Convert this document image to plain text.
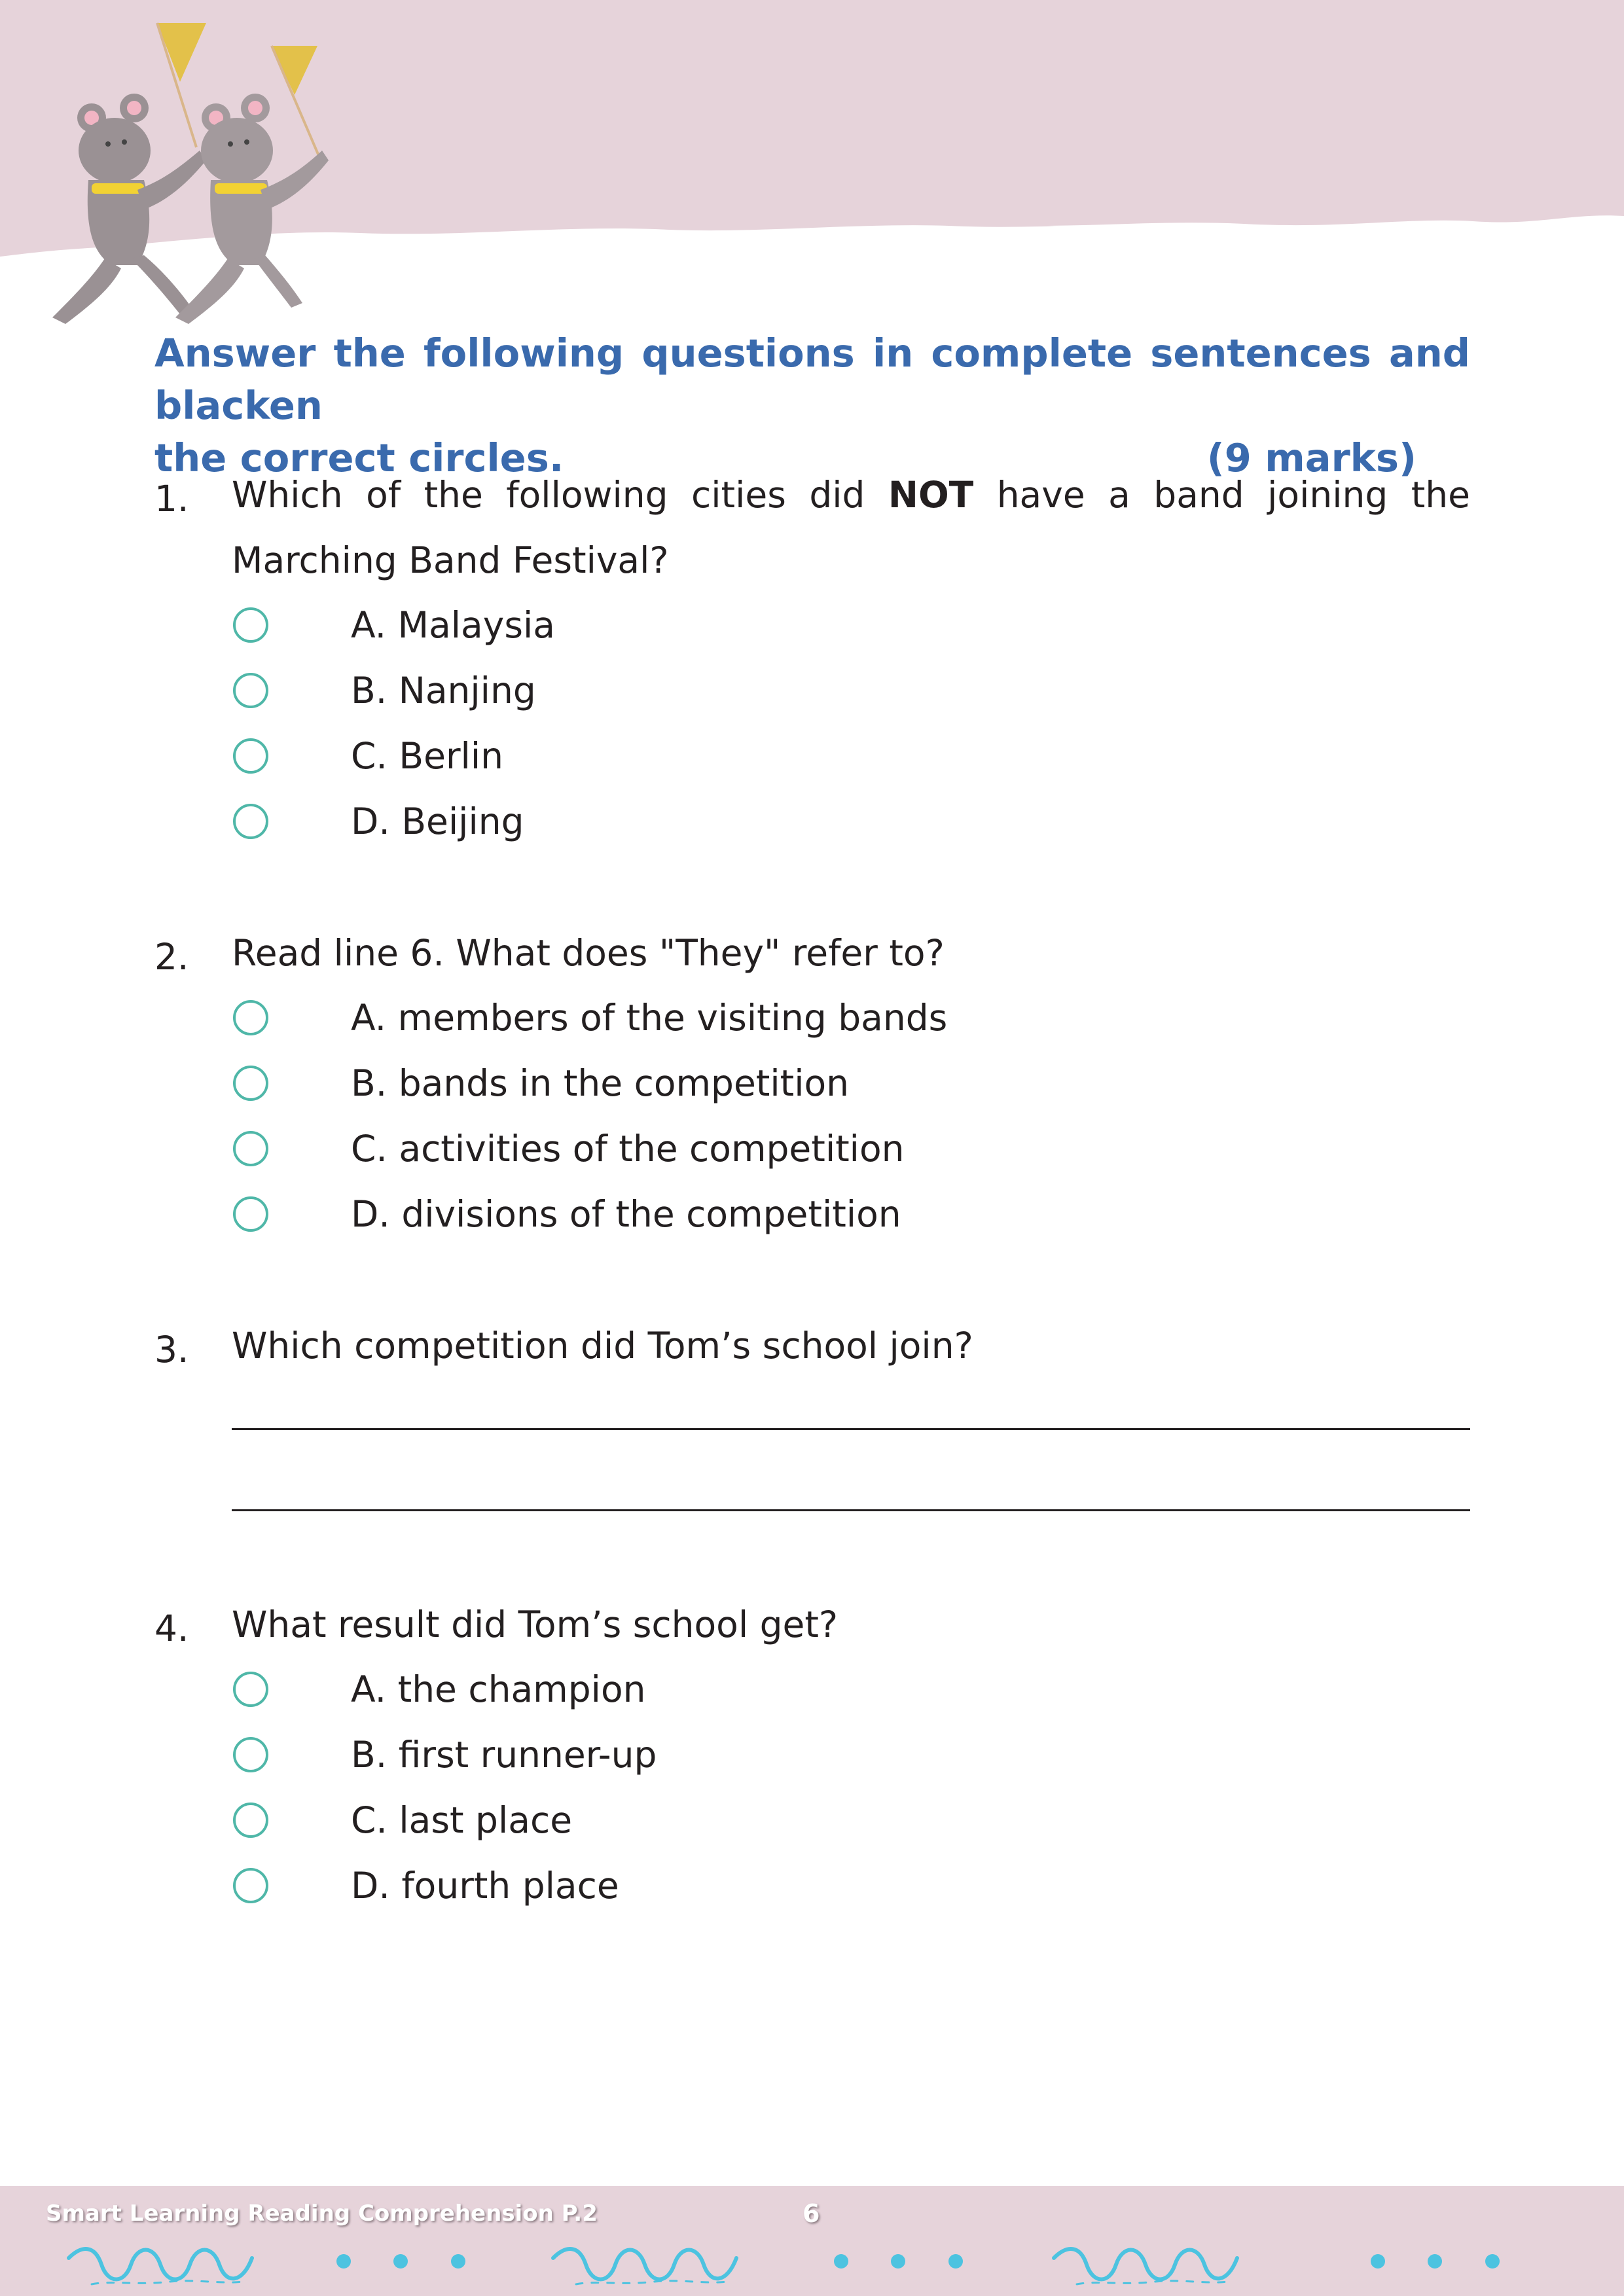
Answer the following questions in complete sentences and blacken
the correct circles.	(9 marks)
1. Which of the following cities did NOT have a band joining the Marching Band Festival?
A. Malaysia
B. Nanjing
C. Berlin
D. Beijing
2. Read line 6. What does "They" refer to?
A. members of the visiting bands
B. bands in the competition
C. activities of the competition
D. divisions of the competition
3. Which competition did Tom’s school join?
4. What result did Tom’s school get?
A. the champion
B. first runner-up
C. last place
D. fourth place
Smart Learning Reading Comprehension P.2	6
